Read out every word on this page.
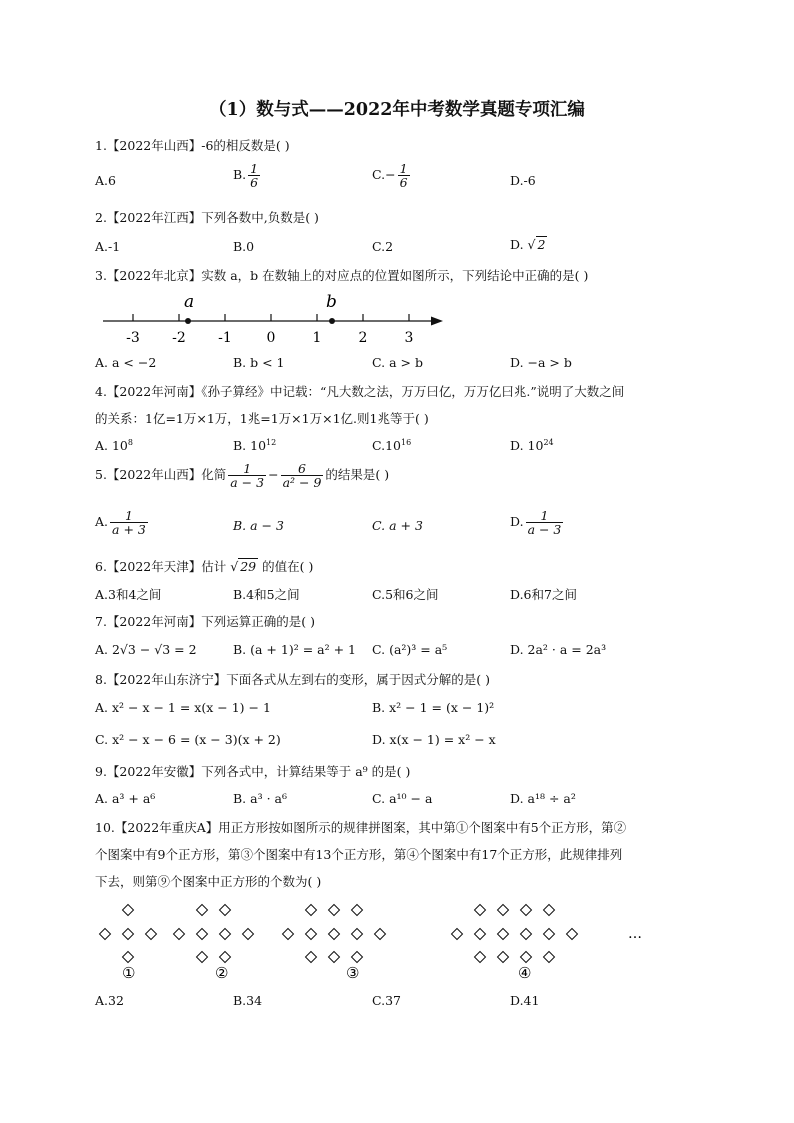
（1）数与式——2022年中考数学真题专项汇编
1.【2022年山西】-6的相反数是( )
A.6	B. $\frac{1}{6}$	$C.- \frac{1}{6}$	D.-6
2.【2022年江西】下列各数中,负数是( )
A.-1	B.0	C.2	D. √ 2
3.【2022年北京】实数 a，b 在数轴上的对应点的位置如图所示，下列结论中正确的是( )
-3 -2 -1 0	1	2	3
a	b
A. a < −2	B. b < 1	C. a > b	D. −a > b
4.【2022年河南】《孙子算经》中记载：“凡大数之法，万万曰亿，万万亿曰兆.”说明了大数之间
的关系：1亿=1万×1万，1兆=1万×1万×1亿.则1兆等于( )
A. $10^8$	B. $10^{12}$	$C.10^{16}$	D. $10^{24}$
5.【2022年山西】化简 $\frac{1}{a - 3} - \frac{6}{\text{a² − 9}}$ 的结果是( )
A. $\frac{1}{a + 3}$	B. a − 3	C. a + 3	D. $\frac{1}{a - 3}$
6.【2022年天津】估计 √ 29 的值在( )
A.3和4之间	B.4和5之间	C.5和6之间	D.6和7之间
7.【2022年河南】下列运算正确的是( )
A. 2√3 − √3 = 2	B. (a + 1)² = a² + 1 C. (a²)³ = a⁵	D. 2a² · a = 2a³
8.【2022年山东济宁】下面各式从左到右的变形，属于因式分解的是( )
A. x² − x − 1 = x(x − 1) − 1	B. x² − 1 = (x − 1)²
C. x² − x − 6 = (x − 3)(x + 2)	D. x(x − 1) = x² − x
9.【2022年安徽】下列各式中，计算结果等于 a⁹ 的是( )
A. a³ + a⁶	B. a³ · a⁶	C. a¹⁰ − a	D. a¹⁸ ÷ a²
10.【2022年重庆A】用正方形按如图所示的规律拼图案，其中第①个图案中有5个正方形，第②
个图案中有9个正方形，第③个图案中有13个正方形，第④个图案中有17个正方形，此规律排列
下去，则第⑨个图案中正方形的个数为( )
①	②	③	④
…
A.32	B.34	C.37	D.41
